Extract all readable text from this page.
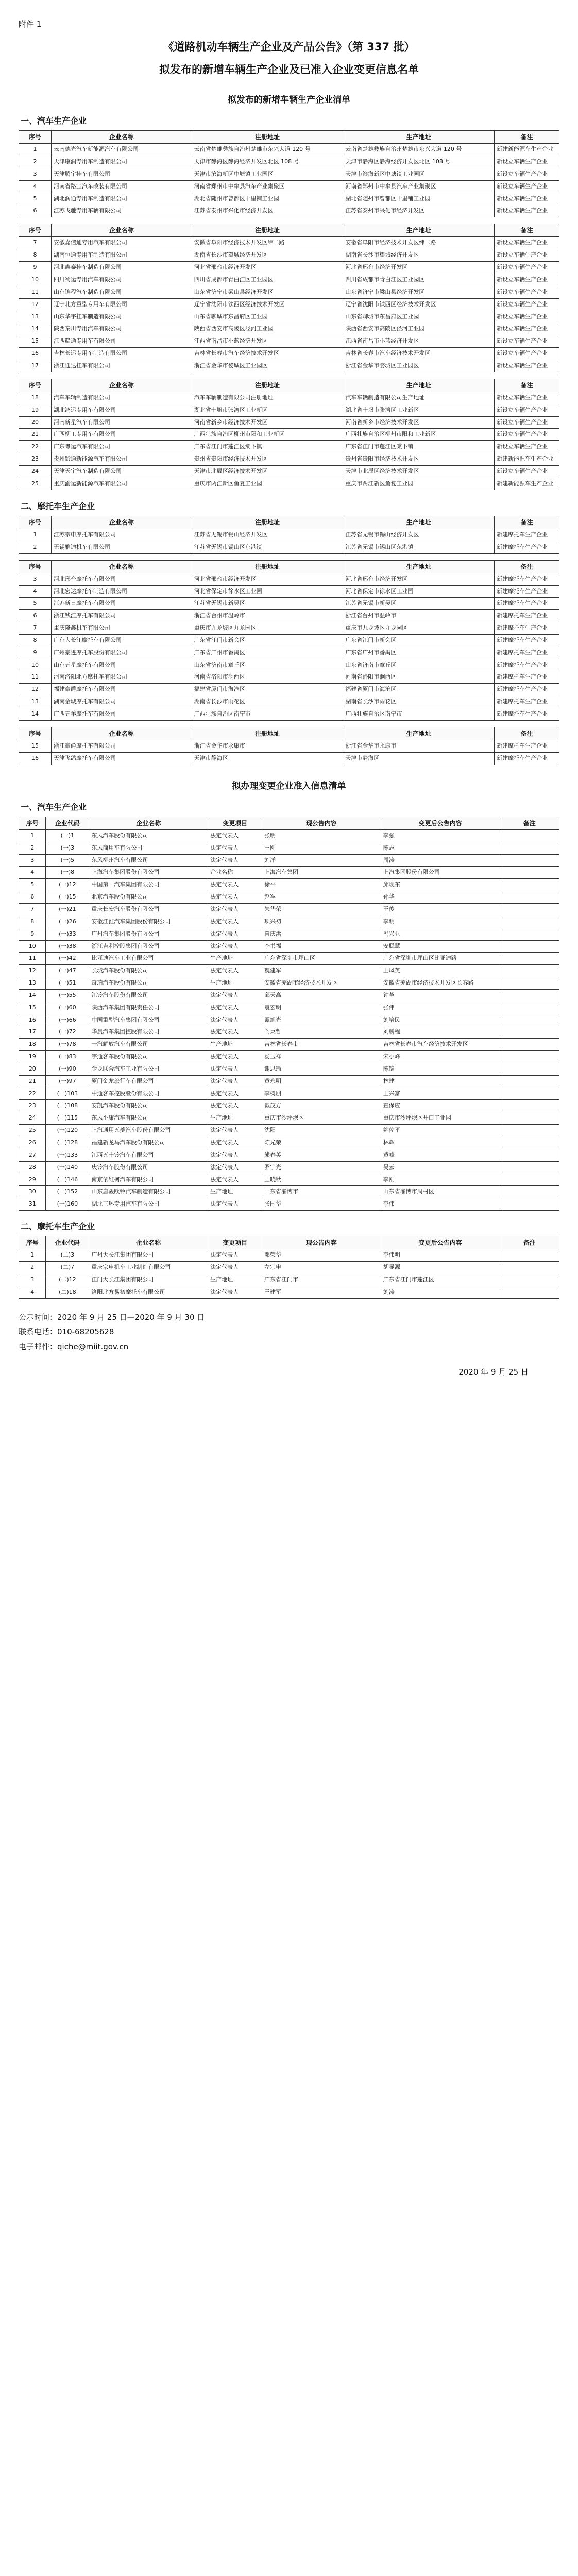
附件 1
《道路机动车辆生产企业及产品公告》（第 337 批）
拟发布的新增车辆生产企业及已准入企业变更信息名单
拟发布的新增车辆生产企业清单
一、汽车生产企业
序号	企业名称	注册地址	生产地址	备注
1	云南德光汽车新能源汽车有限公司	云南省楚雄彝族自治州楚雄市东兴大道 120 号	云南省楚雄彝族自治州楚雄市东兴大道 120 号	新建新能源车生产企业
2	天津康润专用车制造有限公司	天津市静海区静海经济开发区北区 108 号	天津市静海区静海经济开发区北区 108 号	新设立车辆生产企业
3	天津腾宇挂车有限公司	天津市滨海新区中塘镇工业园区	天津市滨海新区中塘镇工业园区	新设立车辆生产企业
4	河南省路宝汽车改装有限公司	河南省郑州市中牟县汽车产业集聚区	河南省郑州市中牟县汽车产业集聚区	新设立车辆生产企业
5	湖北润通专用车制造有限公司	湖北省随州市曾都区十里铺工业园	湖北省随州市曾都区十里铺工业园	新设立车辆生产企业
6	江苏飞驰专用车辆有限公司	江苏省泰州市兴化市经济开发区	江苏省泰州市兴化市经济开发区	新设立车辆生产企业
序号	企业名称	注册地址	生产地址	备注
7	安徽嘉信通专用汽车有限公司	安徽省阜阳市经济技术开发区纬二路	安徽省阜阳市经济技术开发区纬二路	新设立车辆生产企业
8	湖南恒通专用车制造有限公司	湖南省长沙市望城经济开发区	湖南省长沙市望城经济开发区	新设立车辆生产企业
9	河北鑫泰挂车制造有限公司	河北省邢台市经济开发区	河北省邢台市经济开发区	新设立车辆生产企业
10	四川蜀运专用汽车有限公司	四川省成都市青白江区工业园区	四川省成都市青白江区工业园区	新设立车辆生产企业
11	山东锦程汽车制造有限公司	山东省济宁市梁山县经济开发区	山东省济宁市梁山县经济开发区	新设立车辆生产企业
12	辽宁北方重型专用车有限公司	辽宁省沈阳市铁西区经济技术开发区	辽宁省沈阳市铁西区经济技术开发区	新设立车辆生产企业
13	山东华宇挂车制造有限公司	山东省聊城市东昌府区工业园	山东省聊城市东昌府区工业园	新设立车辆生产企业
14	陕西秦川专用汽车有限公司	陕西省西安市高陵区泾河工业园	陕西省西安市高陵区泾河工业园	新设立车辆生产企业
15	江西赣通专用车有限公司	江西省南昌市小蓝经济开发区	江西省南昌市小蓝经济开发区	新设立车辆生产企业
16	吉林长运专用车制造有限公司	吉林省长春市汽车经济技术开发区	吉林省长春市汽车经济技术开发区	新设立车辆生产企业
17	浙江通达挂车有限公司	浙江省金华市婺城区工业园区	浙江省金华市婺城区工业园区	新设立车辆生产企业
序号	企业名称	注册地址	生产地址	备注
18	汽车车辆制造有限公司	汽车车辆制造有限公司注册地址	汽车车辆制造有限公司生产地址	新设立车辆生产企业
19	湖北鸿运专用车有限公司	湖北省十堰市张湾区工业新区	湖北省十堰市张湾区工业新区	新设立车辆生产企业
20	河南新星汽车有限公司	河南省新乡市经济技术开发区	河南省新乡市经济技术开发区	新设立车辆生产企业
21	广西柳工专用车有限公司	广西壮族自治区柳州市阳和工业新区	广西壮族自治区柳州市阳和工业新区	新设立车辆生产企业
22	广东粤运汽车有限公司	广东省江门市蓬江区棠下镇	广东省江门市蓬江区棠下镇	新设立车辆生产企业
23	贵州黔通新能源汽车有限公司	贵州省贵阳市经济技术开发区	贵州省贵阳市经济技术开发区	新建新能源车生产企业
24	天津天宇汽车制造有限公司	天津市北辰区经济技术开发区	天津市北辰区经济技术开发区	新设立车辆生产企业
25	重庆渝运新能源汽车有限公司	重庆市两江新区鱼复工业园	重庆市两江新区鱼复工业园	新建新能源车生产企业
二、摩托车生产企业
序号	企业名称	注册地址	生产地址	备注
1	江苏宗申摩托车有限公司	江苏省无锡市锡山经济开发区	江苏省无锡市锡山经济开发区	新建摩托车生产企业
2	无锡雅迪机车有限公司	江苏省无锡市锡山区东港镇	江苏省无锡市锡山区东港镇	新建摩托车生产企业
序号	企业名称	注册地址	生产地址	备注
3	河北邢台摩托车有限公司	河北省邢台市经济开发区	河北省邢台市经济开发区	新建摩托车生产企业
4	河北宏达摩托车制造有限公司	河北省保定市徐水区工业园	河北省保定市徐水区工业园	新建摩托车生产企业
5	江苏新日摩托车有限公司	江苏省无锡市新吴区	江苏省无锡市新吴区	新建摩托车生产企业
6	浙江钱江摩托车有限公司	浙江省台州市温岭市	浙江省台州市温岭市	新建摩托车生产企业
7	重庆隆鑫机车有限公司	重庆市九龙坡区九龙园区	重庆市九龙坡区九龙园区	新建摩托车生产企业
8	广东大长江摩托车有限公司	广东省江门市新会区	广东省江门市新会区	新建摩托车生产企业
9	广州豪进摩托车股份有限公司	广东省广州市番禺区	广东省广州市番禺区	新建摩托车生产企业
10	山东五星摩托车有限公司	山东省济南市章丘区	山东省济南市章丘区	新建摩托车生产企业
11	河南洛阳北方摩托车有限公司	河南省洛阳市涧西区	河南省洛阳市涧西区	新建摩托车生产企业
12	福建豪爵摩托车有限公司	福建省厦门市海沧区	福建省厦门市海沧区	新建摩托车生产企业
13	湖南金城摩托车有限公司	湖南省长沙市雨花区	湖南省长沙市雨花区	新建摩托车生产企业
14	广西五羊摩托车有限公司	广西壮族自治区南宁市	广西壮族自治区南宁市	新建摩托车生产企业
序号	企业名称	注册地址	生产地址	备注
15	浙江豪爵摩托车有限公司	浙江省金华市永康市	浙江省金华市永康市	新建摩托车生产企业
16	天津飞鸽摩托车有限公司	天津市静海区	天津市静海区	新建摩托车生产企业
拟办理变更企业准入信息清单
一、汽车生产企业
序号	企业代码	企业名称	变更项目	现公告内容	变更后公告内容	备注
1	(一)1	东风汽车股份有限公司	法定代表人	张明	李强	
2	(一)3	东风商用车有限公司	法定代表人	王刚	陈志	
3	(一)5	东风柳州汽车有限公司	法定代表人	刘洋	周涛	
4	(一)8	上海汽车集团股份有限公司	企业名称	上海汽车集团	上汽集团股份有限公司	
5	(一)12	中国第一汽车集团有限公司	法定代表人	徐平	邱现东	
6	(一)15	北京汽车股份有限公司	法定代表人	赵军	孙华	
7	(一)21	重庆长安汽车股份有限公司	法定代表人	朱华荣	王俊	
8	(一)26	安徽江淮汽车集团股份有限公司	法定代表人	项兴初	李明	
9	(一)33	广州汽车集团股份有限公司	法定代表人	曾庆洪	冯兴亚	
10	(一)38	浙江吉利控股集团有限公司	法定代表人	李书福	安聪慧	
11	(一)42	比亚迪汽车工业有限公司	生产地址	广东省深圳市坪山区	广东省深圳市坪山区比亚迪路	
12	(一)47	长城汽车股份有限公司	法定代表人	魏建军	王凤英	
13	(一)51	奇瑞汽车股份有限公司	生产地址	安徽省芜湖市经济技术开发区	安徽省芜湖市经济技术开发区长春路	
14	(一)55	江铃汽车股份有限公司	法定代表人	邱天高	钟革	
15	(一)60	陕西汽车集团有限责任公司	法定代表人	袁宏明	张伟	
16	(一)66	中国重型汽车集团有限公司	法定代表人	谭旭光	刘培民	
17	(一)72	华晨汽车集团控股有限公司	法定代表人	阎秉哲	刘鹏程	
18	(一)78	一汽解放汽车有限公司	生产地址	吉林省长春市	吉林省长春市汽车经济技术开发区	
19	(一)83	宇通客车股份有限公司	法定代表人	汤玉祥	宋小峰	
20	(一)90	金龙联合汽车工业有限公司	法定代表人	谢思瑜	陈锦	
21	(一)97	厦门金龙旅行车有限公司	法定代表人	黄永明	林建	
22	(一)103	中通客车控股股份有限公司	法定代表人	李树朋	王兴富	
23	(一)108	安凯汽车股份有限公司	法定代表人	戴茂方	查保应	
24	(一)115	东风小康汽车有限公司	生产地址	重庆市沙坪坝区	重庆市沙坪坝区井口工业园	
25	(一)120	上汽通用五菱汽车股份有限公司	法定代表人	沈阳	姚佐平	
26	(一)128	福建新龙马汽车股份有限公司	法定代表人	陈光荣	林辉	
27	(一)133	江西五十铃汽车有限公司	法定代表人	熊春英	黄峰	
28	(一)140	庆铃汽车股份有限公司	法定代表人	罗宇光	吴云	
29	(一)146	南京依维柯汽车有限公司	法定代表人	王晓秋	李刚	
30	(一)152	山东唐骏欧铃汽车制造有限公司	生产地址	山东省淄博市	山东省淄博市周村区	
31	(一)160	湖北三环专用汽车有限公司	法定代表人	张国华	李伟	
二、摩托车生产企业
序号	企业代码	企业名称	变更项目	现公告内容	变更后公告内容	备注
1	(二)3	广州大长江集团有限公司	法定代表人	邓荣华	李伟明	
2	(二)7	重庆宗申机车工业制造有限公司	法定代表人	左宗申	胡显源	
3	(二)12	江门大长江集团有限公司	生产地址	广东省江门市	广东省江门市蓬江区	
4	(二)18	洛阳北方易初摩托车有限公司	法定代表人	王建军	刘涛	
公示时间：2020 年 9 月 25 日—2020 年 9 月 30 日
联系电话：010-68205628
电子邮件：qiche@miit.gov.cn
2020 年 9 月 25 日
